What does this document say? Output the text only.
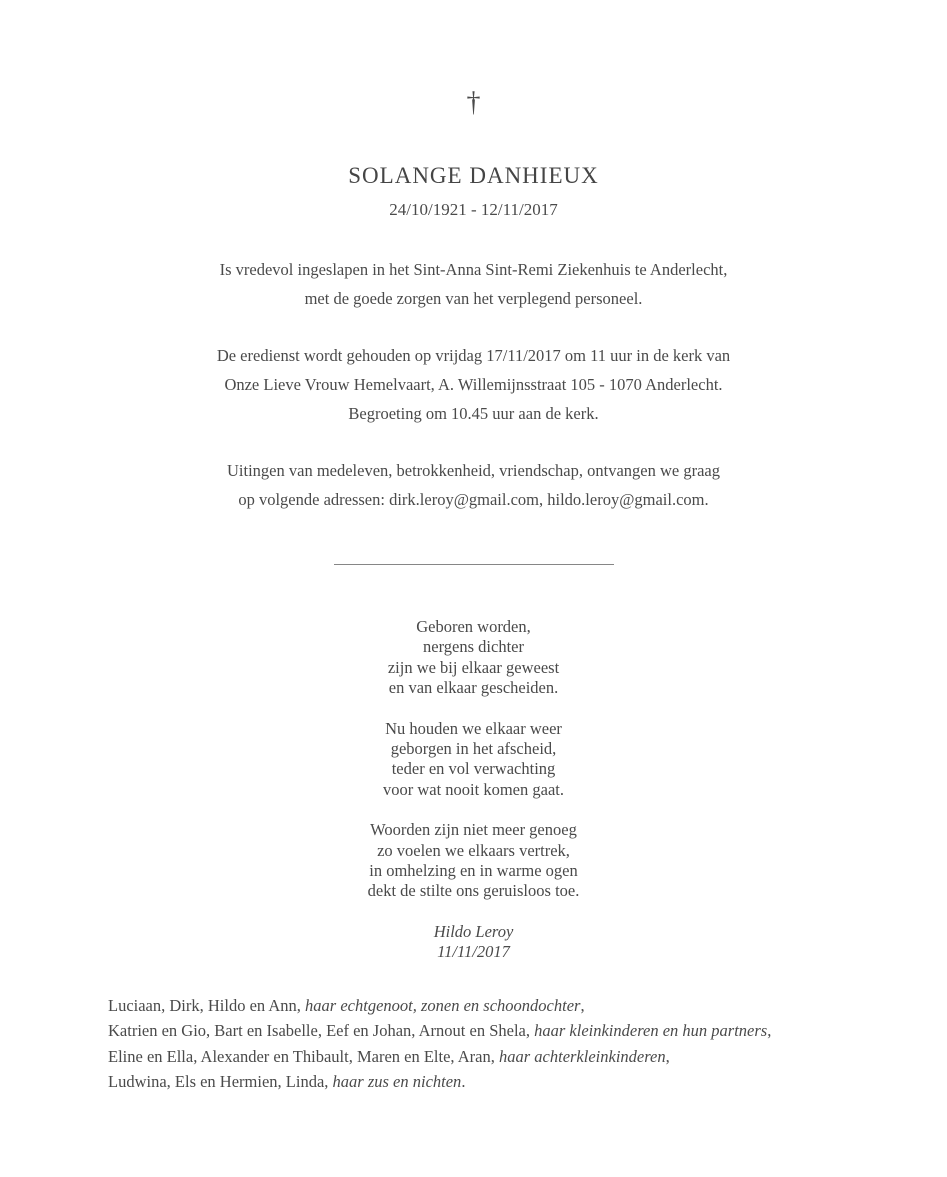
†
SOLANGE DANHIEUX
24/10/1921 - 12/11/2017
Is vredevol ingeslapen in het Sint-Anna Sint-Remi Ziekenhuis te Anderlecht,
met de goede zorgen van het verplegend personeel.
De eredienst wordt gehouden op vrijdag 17/11/2017 om 11 uur in de kerk van
Onze Lieve Vrouw Hemelvaart, A. Willemijnsstraat 105 - 1070 Anderlecht.
Begroeting om 10.45 uur aan de kerk.
Uitingen van medeleven, betrokkenheid, vriendschap, ontvangen we graag
op volgende adressen: dirk.leroy@gmail.com, hildo.leroy@gmail.com.
Geboren worden,
nergens dichter
zijn we bij elkaar geweest
en van elkaar gescheiden.
Nu houden we elkaar weer
geborgen in het afscheid,
teder en vol verwachting
voor wat nooit komen gaat.
Woorden zijn niet meer genoeg
zo voelen we elkaars vertrek,
in omhelzing en in warme ogen
dekt de stilte ons geruisloos toe.
Hildo Leroy
11/11/2017
Luciaan, Dirk, Hildo en Ann, haar echtgenoot, zonen en schoondochter,
Katrien en Gio, Bart en Isabelle, Eef en Johan, Arnout en Shela, haar kleinkinderen en hun partners,
Eline en Ella, Alexander en Thibault, Maren en Elte, Aran, haar achterkleinkinderen,
Ludwina, Els en Hermien, Linda, haar zus en nichten.
